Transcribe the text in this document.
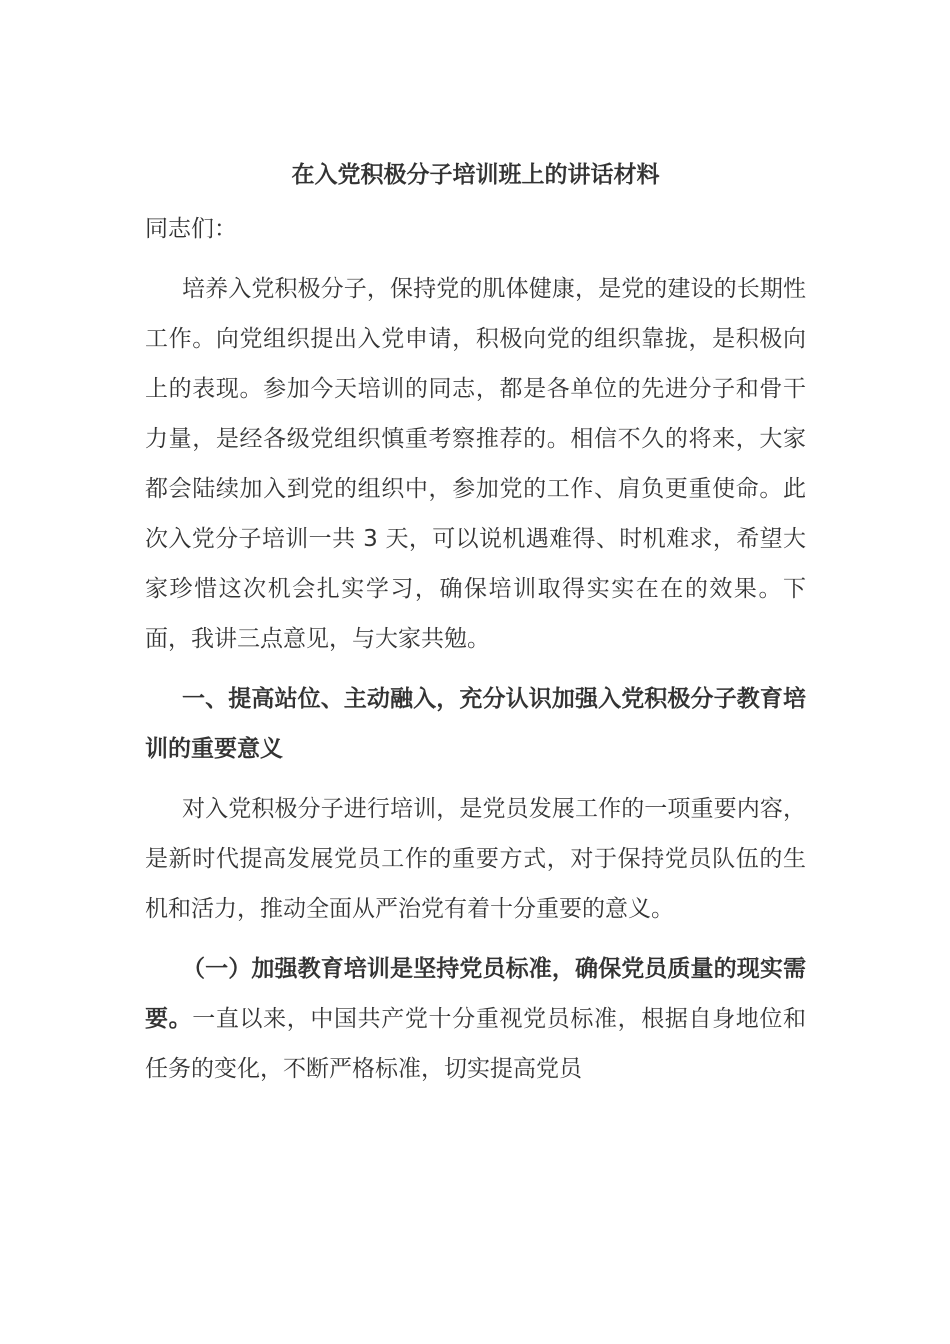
在入党积极分子培训班上的讲话材料
同志们：

培养入党积极分子，保持党的肌体健康，是党的建设的长期性工作。向党组织提出入党申请，积极向党的组织靠拢，是积极向上的表现。参加今天培训的同志，都是各单位的先进分子和骨干力量，是经各级党组织慎重考察推荐的。相信不久的将来，大家都会陆续加入到党的组织中，参加党的工作、肩负更重使命。此次入党分子培训一共 3 天，可以说机遇难得、时机难求，希望大家珍惜这次机会扎实学习，确保培训取得实实在在的效果。下面，我讲三点意见，与大家共勉。

一、提高站位、主动融入，充分认识加强入党积极分子教育培训的重要意义

对入党积极分子进行培训，是党员发展工作的一项重要内容，是新时代提高发展党员工作的重要方式，对于保持党员队伍的生机和活力，推动全面从严治党有着十分重要的意义。

（一）加强教育培训是坚持党员标准，确保党员质量的现实需要。一直以来，中国共产党十分重视党员标准，根据自身地位和任务的变化，不断严格标准，切实提高党员
